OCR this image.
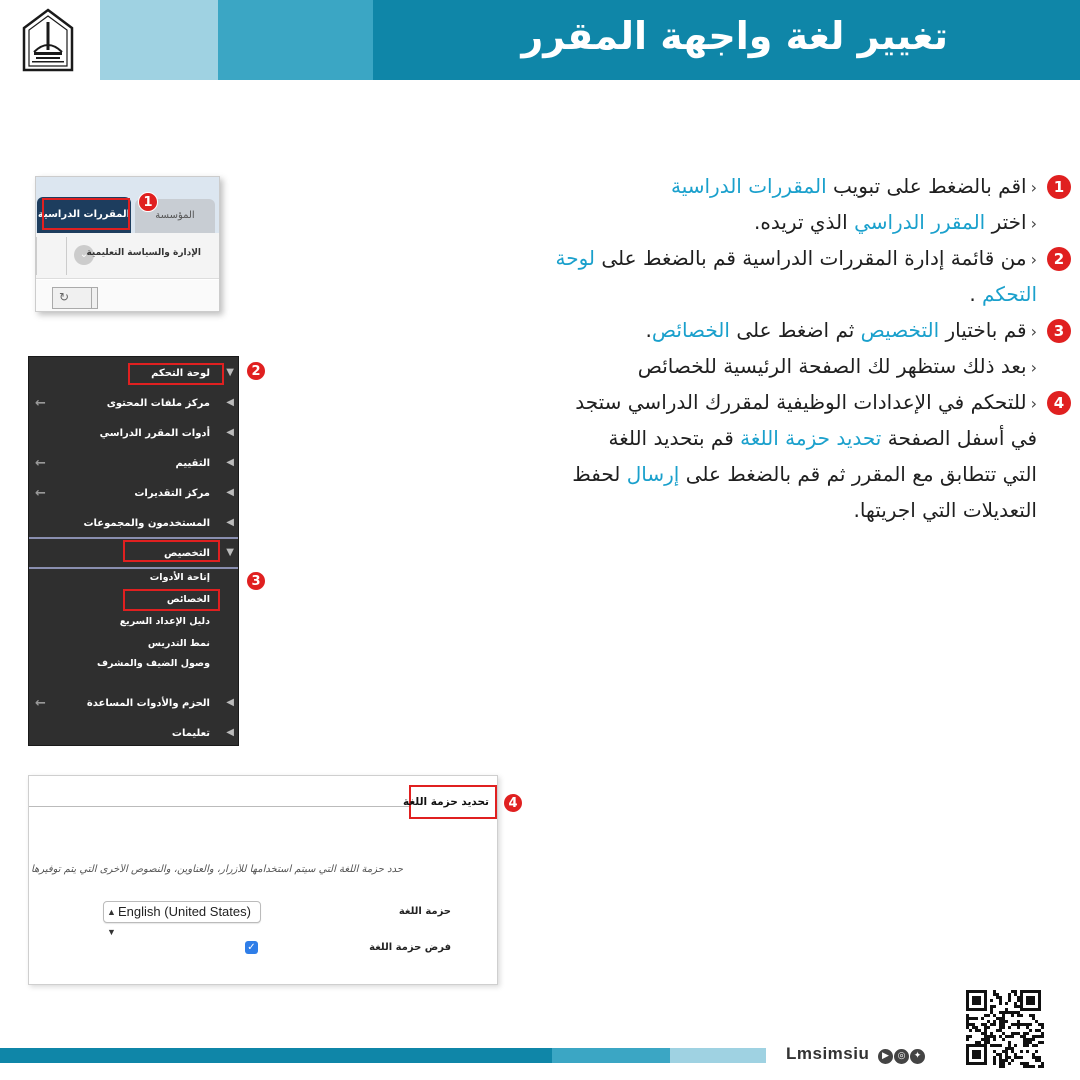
تغيير لغة واجهة المقرر
1
‹اقم بالضغط على تبويب المقررات الدراسية
‹اختر المقرر الدراسي الذي تريده.
2
‹من قائمة إدارة المقررات الدراسية قم بالضغط على لوحة
التحكم .
3
‹قم باختيار التخصيص ثم اضغط على الخصائص.
‹بعد ذلك ستظهر لك الصفحة الرئيسية للخصائص
4
‹للتحكم في الإعدادات الوظيفية لمقررك الدراسي ستجد
في أسفل الصفحة تحديد حزمة اللغة قم بتحديد اللغة
التي تتطابق مع المقرر ثم قم بالضغط على إرسال لحفظ
التعديلات التي اجريتها.
المؤسسة
المقررات الدراسية
⌄
الإدارة والسياسة التعليمية
↻
1
▼
لوحة التحكم
◀
مركز ملفات المحتوى
←
◀
أدوات المقرر الدراسي
◀
التقييم
←
◀
مركز التقديرات
←
◀
المستخدمون والمجموعات
▼
التخصيص
إتاحة الأدوات
الخصائص
دليل الإعداد السريع
نمط التدريس
وصول الضيف والمشرف
◀
الحزم والأدوات المساعدة
←
◀
تعليمات
2
3
حدد حزمة اللغة التي سيتم استخدامها للأزرار، والعناوين، والنصوص الأخرى التي يتم توفيرها
حزمة اللغة
▲
▼
English (United States)
فرض حزمة اللغة
✓
تحديد حزمة اللغة	4
Lmsimsiu	▶ ◎ ✦
